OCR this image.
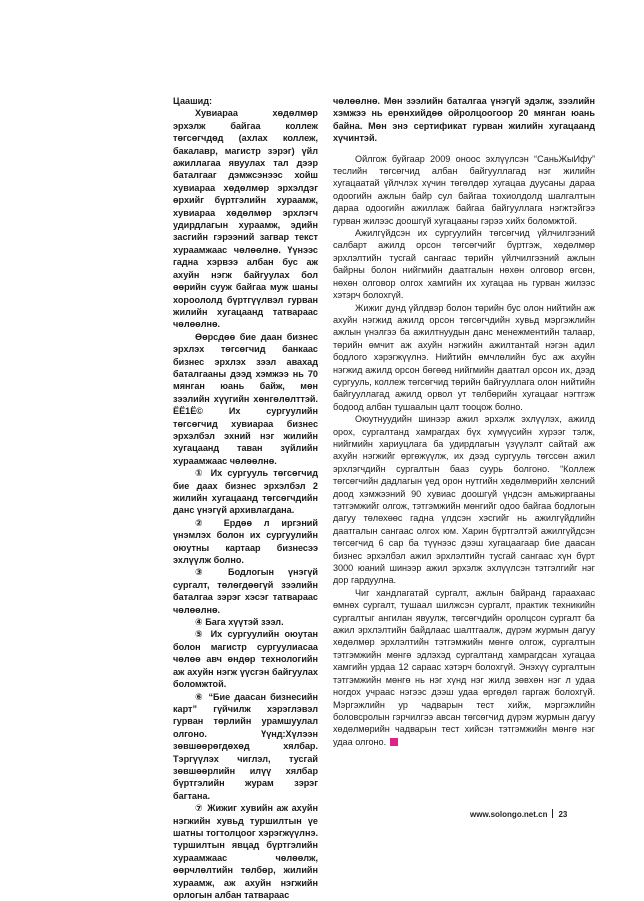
Цаашид:

Хувиараа хөдөлмөр эрхэлж байгаа коллеж төгсөгчдөд (ахлах коллеж, бакалавр, магистр зэрэг) үйл ажиллагаа явуулах тал дээр баталгааг дэмжсэнээс хойш хувиараа хөдөлмөр эрхэлдэг өрхийг бүртгэлийн хураамж, хувиараа хөдөлмөр эрхлэгч удирдлагын хураамж, эдийн засгийн гэрээний загвар текст хураамжаас чөлөөлнө. Үүнээс гадна хэрвээ албан бус аж ахуйн нэгж байгуулах бол өөрийн сууж байгаа муж шаны хороололд бүртгүүлвэл гурван жилийн хугацаанд татвараас чөлөөлнө.

Өөрсдөө бие даан бизнес эрхлэх төгсөгчид банкаас бизнес эрхлэх зээл авахад баталгааны дээд хэмжээ нь 70 мянган юань байж, мөн зээлийн хүүгийн хөнгөлөлттэй. ЁЁ1Ё© Их сургуулийн төгсөгчид хувиараа бизнес эрхэлбэл эхний нэг жилийн хугацаанд таван зүйлийн хураамжаас чөлөөлнө.

① Их сургууль төгсөгчид бие даах бизнес эрхэлбэл 2 жилийн хугацаанд төгсөгчдийн данс үнэгүй архивлагдана.

② Ердөө л иргэний үнэмлэх болон их сургуулийн оюутны картаар бизнесээ эхлүүлж болно.

③ Бодлогын үнэгүй сургалт, төлөгдөөгүй зээлийн баталгаа зэрэг хэсэг татвараас чөлөөлнө.

④ Бага хүүтэй зээл.

⑤ Их сургуулийн оюутан болон магистр сургуулиасаа чөлөө авч өндөр технологийн аж ахуйн нэгж үүсгэн байгуулах боломжтой.

⑥ “Бие даасан бизнесийн карт” гүйчилж хэрэглэвэл гурван төрлийн урамшуулал олгоно. Үүнд:Хүлээн зөвшөөрөгдөхөд хялбар. Тэргүүлэх чиглэл, тусгай зөвшөөрлийн илүү хялбар бүртгэлийн журам зэрэг багтана.

⑦ Жижиг хувийн аж ахуйн нэгжийн хувьд туршилтын үе шатны тогтолцоог хэрэгжүүлнэ. туршилтын явцад бүртгэлийн хураамжаас чөлөөлж, өөрчлөлтийн төлбөр, жилийн хураамж, аж ахуйн нэгжийн орлогын албан татвараас

чөлөөлнө. Мөн зээлийн баталгаа үнэгүй эдэлж, зээлийн хэмжээ нь ерөнхийдөө ойролцоогоор 20 мянган юань байна. Мөн энэ сертификат гурван жилийн хугацаанд хүчинтэй.

Ойлгож буйгаар 2009 оноос эхлүүлсэн “СаньЖыИфу” теслийн төгсөгчид албан байгууллагад нэг жилийн хугацаатай үйлчлэх хүчин төгөлдөр хугацаа дуусаны дараа одоогийн ажлын байр сул байгаа тохиолдолд шалгалтын дараа одоогийн ажиллаж байгаа байгууллага нэгжтэйгээ гурван жилээс доошгүй хугацааны гэрээ хийх боломжтой.

Ажилгүйдсэн их сургуулийн төгсөгчид үйлчилгээний салбарт ажилд орсон төгсөгчийг бүртгэж, хөдөлмөр эрхлэлтийн тусгай сангаас төрийн үйлчилгээний ажлын байрны болон нийгмийн даатгалын нөхөн олговор өгсөн, нөхөн олговор олгох хамгийн их хугацаа нь гурван жилээс хэтэрч болохгүй.

Жижиг дунд үйлдвэр болон төрийн бус олон нийтийн аж ахуйн нэгжид ажилд орсон төгсөгчдийн хувьд мэргэжлийн ажлын үнэлгээ ба ажилтнуудын данс менежментийн талаар, төрийн өмчит аж ахуйн нэгжийн ажилтантай нэгэн адил бодлого хэрэгжүүлнэ. Нийтийн өмчлөлийн бус аж ахуйн нэгжид ажилд орсон бөгөөд нийгмийн даатгал орсон их, дээд сургууль, коллеж төгсөгчид төрийн байгууллага олон нийтийн байгууллагад ажилд орвол ут төлбөрийн хугацааг нэгтгэж бодоод албан тушаалын цалт тооцож болно.

Оюутнуудийн шинээр ажил эрхэлж эхлүүлэх, ажилд орох, сургалтанд хамрагдах бүх хүмүүсийн хүрээг тэлж, нийгмийн хариуцлага ба удирдлагын үзүүлэлт сайтай аж ахуйн нэгжийг өргөжүүлж, их дээд сургууль төгссөн ажил эрхлэгчдийн сургалтын бааз суурь болгоно. “Коллеж төгсөгчийн дадлагын үед орон нутгийн хөдөлмөрийн хөлсний доод хэмжээний 90 хувиас доошгүй үндсэн амьжиргааны тэтгэмжийг олгож, тэтгэмжийн мөнгийг одоо байгаа бодлогын дагуу төлөхөөс гадна үлдсэн хэсгийг нь ажилгүйдлийн даатгалын сангаас олгох юм. Харин бүртгэлтэй ажилгүйдсэн төгсөгчид 6 сар ба түүнээс дээш хугацаагаар бие даасан бизнес эрхэлбэл ажил эрхлэлтийн тусгай сангаас хүн бүрт 3000 юаний шинээр ажил эрхэлж эхлүүлсэн тэтгэлгийг нэг дор гардуулна.

Чиг хандлагатай сургалт, ажлын байранд гараахаас өмнөх сургалт, тушаал шилжсэн сургалт, практик техникийн сургалтыг ангилан явуулж, төгсөгчдийн оролцсон сургалт ба ажил эрхлэлтийн байдлаас шалтгаалж, дүрэм журмын дагуу хөдөлмөр эрхлэлтийн тэтгэмжийн мөнгө олгож, сургалтын тэтгэмжийн мөнгө эдлэхэд сургалтанд хамрагдсан хугацаа хамгийн урдаа 12 сараас хэтэрч болохгүй. Энэхүү сургалтын тэтгэмжийн мөнгө нь нэг хүнд нэг жилд зөвхөн нэг л удаа ногдох учраас нэгээс дээш удаа өргөдөл гаргаж болохгүй. Мэргэжлийн ур чадварын тест хийж, мэргэжлийн боловсролын гэрчилгээ авсан төгсөгчид дүрэм журмын дагуу хөдөлмөрийн чадварын тест хийсэн тэтгэмжийн мөнгө нэг удаа олгоно.

www.solongo.net.cn 23
